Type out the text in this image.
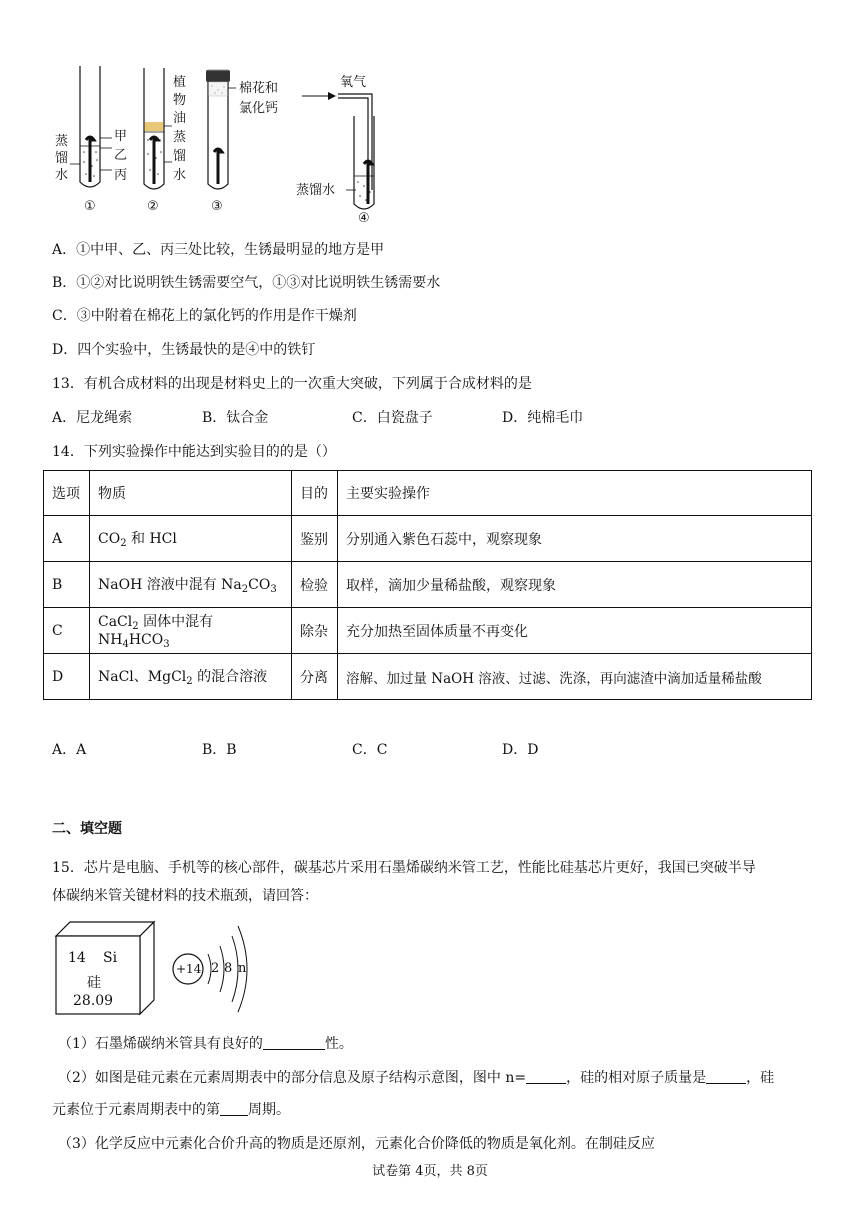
蒸
馏
水
甲
乙
丙
①
植
物
油
蒸
馏
水
②
棉花和
氯化钙
③
氧气
蒸馏水
④
A．①中甲、乙、丙三处比较，生锈最明显的地方是甲
B．①②对比说明铁生锈需要空气，①③对比说明铁生锈需要水
C．③中附着在棉花上的氯化钙的作用是作干燥剂
D．四个实验中，生锈最快的是④中的铁钉
13．有机合成材料的出现是材料史上的一次重大突破，下列属于合成材料的是
A．尼龙绳索	B．钛合金	C．白瓷盘子	D．纯棉毛巾
14．下列实验操作中能达到实验目的的是（）
选项	物质	目的	主要实验操作
A	$CO_2$ 和 HCl	鉴别	分别通入紫色石蕊中，观察现象
B	NaOH 溶液中混有 $Na_2CO_3$	检验	取样，滴加少量稀盐酸，观察现象
C	CaCl$_2$ 固体中混有 $NH_4HCO_3$	除杂	充分加热至固体质量不再变化
D	NaCl、MgCl$_2$ 的混合溶液	分离	溶解、加过量 NaOH 溶液、过滤、洗涤，再向滤渣中滴加适量稀盐酸
A．A	B．B	C．C	D．D
二、填空题
15．芯片是电脑、手机等的核心部件，碳基芯片采用石墨烯碳纳米管工艺，性能比硅基芯片更好，我国已突破半导
体碳纳米管关键材料的技术瓶颈，请回答：
14 Si
硅
28.09
+14 2 8 n
（1）石墨烯碳纳米管具有良好的	性。
（2）如图是硅元素在元素周期表中的部分信息及原子结构示意图，图中 n=	，硅的相对原子质量是	，硅
元素位于元素周期表中的第 周期。
（3）化学反应中元素化合价升高的物质是还原剂，元素化合价降低的物质是氧化剂。在制硅反应
试卷第 4页，共 8页
